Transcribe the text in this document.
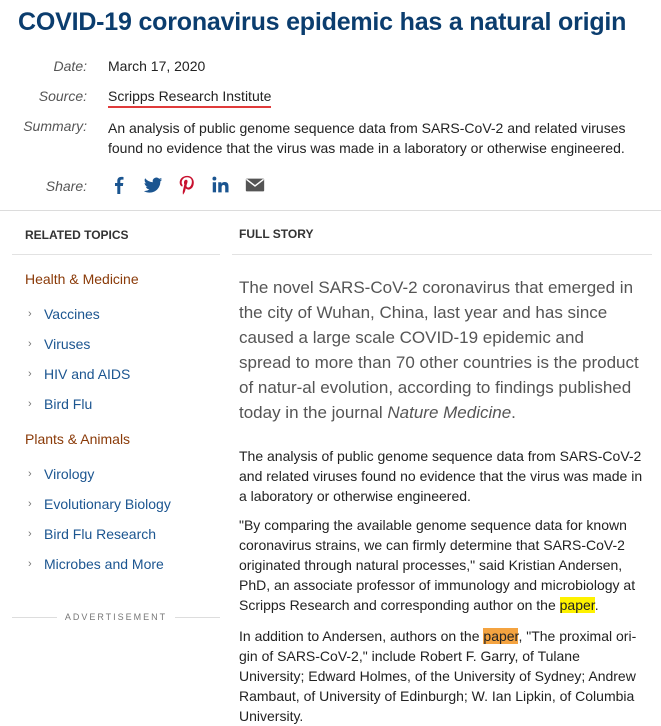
COVID-19 coronavirus epidemic has a natural origin
Date: March 17, 2020
Source: Scripps Research Institute
Summary: An analysis of public genome sequence data from SARS-CoV-2 and related viruses found no evidence that the virus was made in a laboratory or otherwise engineered.
Share:
RELATED TOPICS	FULL STORY
Health & Medicine
› Vaccines
› Viruses
› HIV and AIDS
› Bird Flu
Plants & Animals
› Virology
› Evolutionary Biology
› Bird Flu Research
› Microbes and More
ADVERTISEMENT

The novel SARS-CoV-2 coronavirus that emerged in the city of Wuhan, China, last year and has since caused a large scale COVID-19 epidemic and spread to more than 70 other countries is the product of natur-al evolution, according to findings published today in the journal Nature Medicine.

The analysis of public genome sequence data from SARS-CoV-2 and related viruses found no evidence that the virus was made in a laboratory or otherwise engineered.

"By comparing the available genome sequence data for known coronavirus strains, we can firmly determine that SARS-CoV-2 originated through natural processes," said Kristian Andersen, PhD, an associate professor of immunology and microbiology at Scripps Research and corresponding author on the paper.

In addition to Andersen, authors on the paper, "The proximal ori-gin of SARS-CoV-2," include Robert F. Garry, of Tulane University; Edward Holmes, of the University of Sydney; Andrew Rambaut, of University of Edinburgh; W. Ian Lipkin, of Columbia University.
